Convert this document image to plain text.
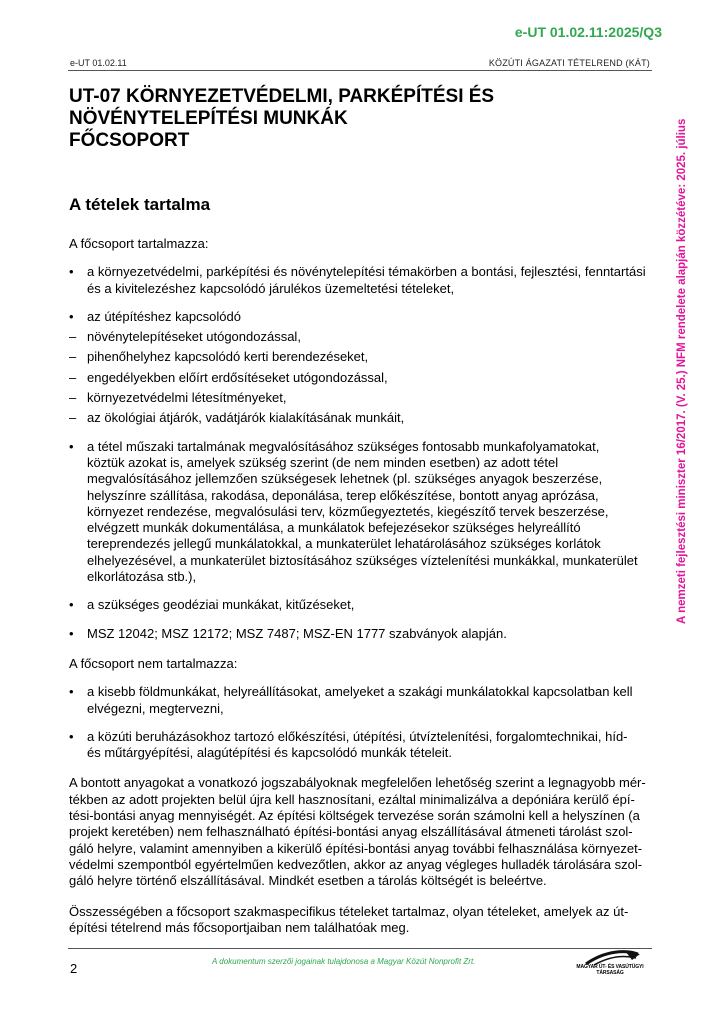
e-UT 01.02.11:2025/Q3
e-UT 01.02.11	KÖZÚTI ÁGAZATI TÉTELREND (KÁT)
UT-07 KÖRNYEZETVÉDELMI, PARKÉPÍTÉSI ÉS
NÖVÉNYTELEPÍTÉSI MUNKÁK
FŐCSOPORT
A tételek tartalma

A főcsoport tartalmazza:

• a környezetvédelmi, parképítési és növénytelepítési témakörben a bontási, fejlesztési, fenntartási és a kivitelezéshez kapcsolódó járulékos üzemeltetési tételeket,
• az útépítéshez kapcsolódó
– növénytelepítéseket utógondozással,
– pihenőhelyhez kapcsolódó kerti berendezéseket,
– engedélyekben előírt erdősítéseket utógondozással,
– környezetvédelmi létesítményeket,
– az ökológiai átjárók, vadátjárók kialakításának munkáit,
• a tétel műszaki tartalmának megvalósításához szükséges fontosabb munkafolyamatokat,
köztük azokat is, amelyek szükség szerint (de nem minden esetben) az adott tétel
megvalósításához jellemzően szükségesek lehetnek (pl. szükséges anyagok beszerzése,
helyszínre szállítása, rakodása, deponálása, terep előkészítése, bontott anyag aprózása,
környezet rendezése, megvalósulási terv, közműegyeztetés, kiegészítő tervek beszerzése,
elvégzett munkák dokumentálása, a munkálatok befejezésekor szükséges helyreállító
tereprendezés jellegű munkálatokkal, a munkaterület lehatárolásához szükséges korlátok
elhelyezésével, a munkaterület biztosításához szükséges víztelenítési munkákkal, munkaterület
elkorlátozása stb.),
• a szükséges geodéziai munkákat, kitűzéseket,
• MSZ 12042; MSZ 12172; MSZ 7487; MSZ-EN 1777 szabványok alapján.

A főcsoport nem tartalmazza:

• a kisebb földmunkákat, helyreállításokat, amelyeket a szakági munkálatokkal kapcsolatban kell
elvégezni, megtervezni,
• a közúti beruházásokhoz tartozó előkészítési, útépítési, útvíztelenítési, forgalomtechnikai, híd-
és műtárgyépítési, alagútépítési és kapcsolódó munkák tételeit.

A bontott anyagokat a vonatkozó jogszabályoknak megfelelően lehetőség szerint a legnagyobb mér-
tékben az adott projekten belül újra kell hasznosítani, ezáltal minimalizálva a depóniára kerülő épí-
tési-bontási anyag mennyiségét. Az építési költségek tervezése során számolni kell a helyszínen (a
projekt keretében) nem felhasználható építési-bontási anyag elszállításával átmeneti tárolást szol-
gáló helyre, valamint amennyiben a kikerülő építési-bontási anyag további felhasználása környezet-
védelmi szempontból egyértelműen kedvezőtlen, akkor az anyag végleges hulladék tárolására szol-
gáló helyre történő elszállításával. Mindkét esetben a tárolás költségét is beleértve.

Összességében a főcsoport szakmaspecifikus tételeket tartalmaz, olyan tételeket, amelyek az út-
építési tételrend más főcsoportjaiban nem találhatóak meg.

A nemzeti fejlesztési miniszter 16/2017. (V. 25.) NFM rendelete alapján közzétéve: 2025. július
2	A dokumentum szerzői jogainak tulajdonosa a Magyar Közút Nonprofit Zrt.
MAGYAR ÚT- ÉS VASÚTÜGYI TÁRSASÁG
